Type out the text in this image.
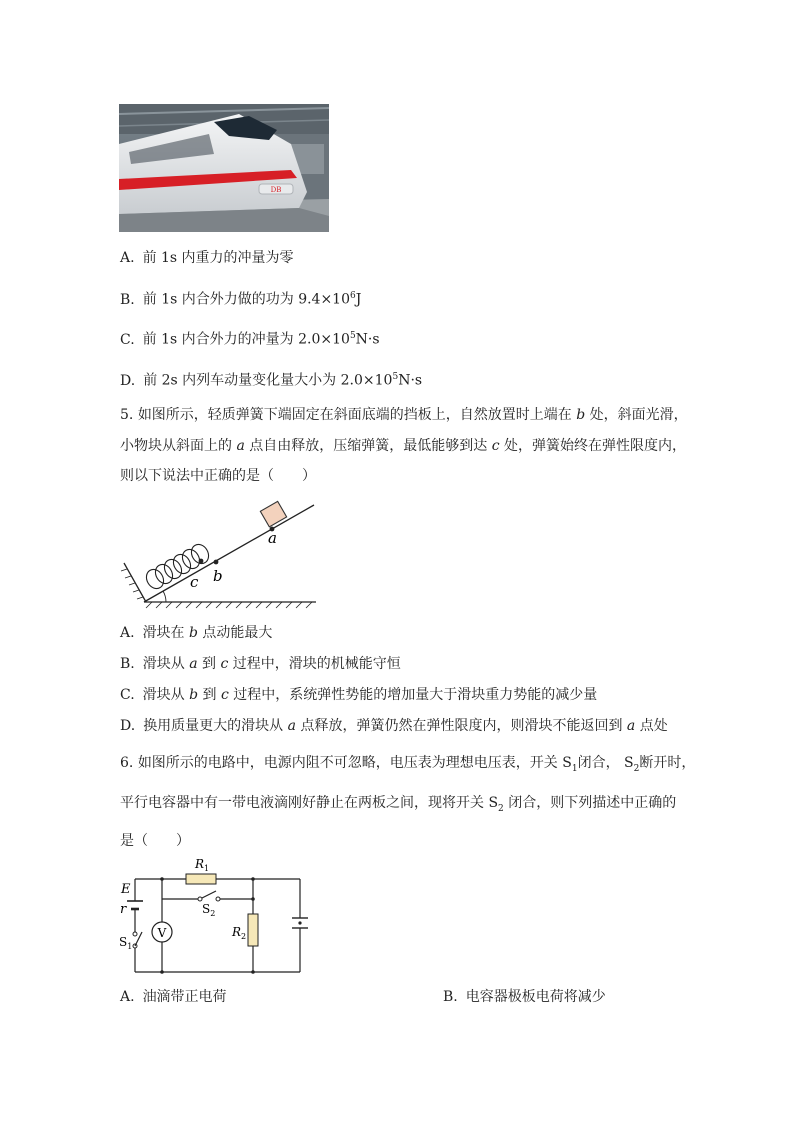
DB
A. 前 1s 内重力的冲量为零
B. 前 1s 内合外力做的功为 $9.4\times 10^6J$
C. 前 1s 内合外力的冲量为 $2.0\times 10^5N\cdot s$
D. 前 2s 内列车动量变化量大小为 $2.0\times 10^5N\cdot s$
5. 如图所示，轻质弹簧下端固定在斜面底端的挡板上，自然放置时上端在 b 处，斜面光滑，
小物块从斜面上的 a 点自由释放，压缩弹簧，最低能够到达 c 处，弹簧始终在弹性限度内，
则以下说法中正确的是（　　）
c b
a
A. 滑块在 b 点动能最大
B. 滑块从 a 到 c 过程中，滑块的机械能守恒
C. 滑块从 b 到 c 过程中，系统弹性势能的增加量大于滑块重力势能的减少量
D. 换用质量更大的滑块从 a 点释放，弹簧仍然在弹性限度内，则滑块不能返回到 a 点处
6. 如图所示的电路中，电源内阻不可忽略，电压表为理想电压表，开关 $S_1$闭合， $S_2$断开时，
平行电容器中有一带电液滴刚好静止在两板之间，现将开关 $S_2$ 闭合，则下列描述中正确的
是（　　）
V
E
r
$R_1$
$R_2$
$S_1$
$S_2$
A. 油滴带正电荷	B. 电容器极板电荷将减少
